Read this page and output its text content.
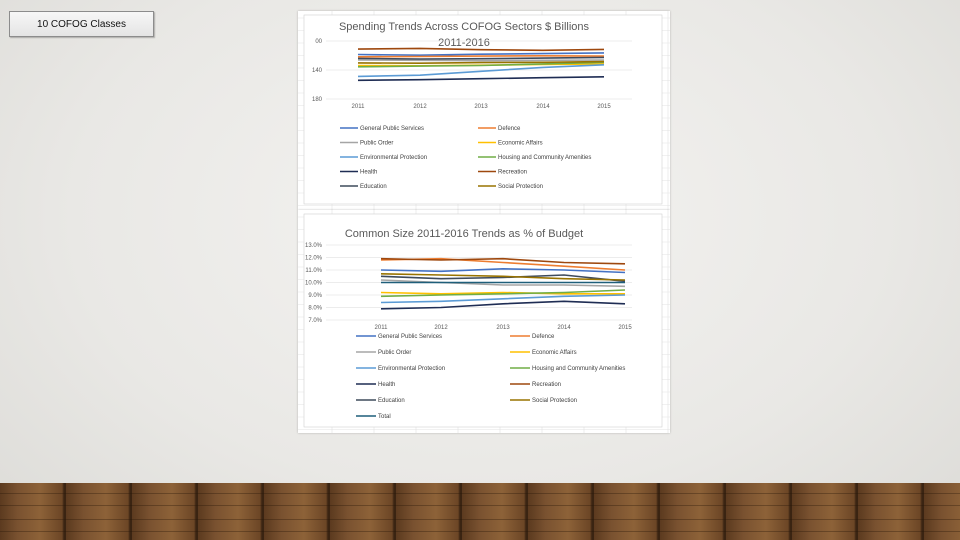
10 COFOG Classes	Spending Trends Across COFOG Sectors $ Billions
2011-2016
00
140
180
2011	2012	2013	2014	2015
General Public Services	Defence
Public Order	Economic Affairs
Environmental Protection	Housing and Community Amenities
Health	Recreation
Education	Social Protection
Common Size 2011-2016 Trends as % of Budget
13.0%
12.0%
11.0%
10.0%
9.0%
8.0%
7.0%
2011	2012	2013	2014	2015
General Public Services	Defence
Public Order	Economic Affairs
Environmental Protection	Housing and Community Amenities
Health	Recreation
Education	Social Protection
Total
